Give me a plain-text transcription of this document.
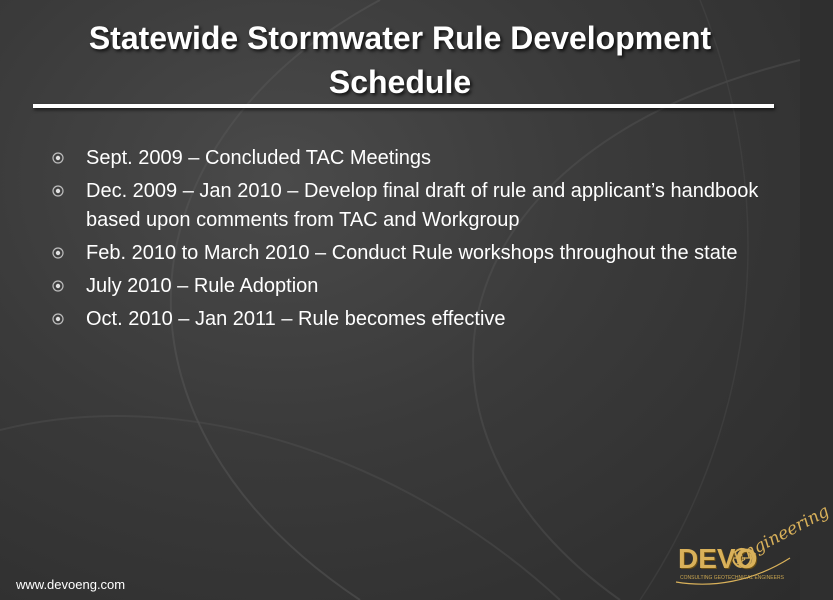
Statewide Stormwater Rule Development Schedule
Sept. 2009 – Concluded TAC Meetings
Dec. 2009 – Jan 2010 – Develop final draft of rule and applicant’s handbook based upon comments from TAC and Workgroup
Feb. 2010 to March 2010 – Conduct Rule workshops throughout the state
July 2010 – Rule Adoption
Oct. 2010 – Jan 2011 – Rule becomes effective
www.devoeng.com
DEVO
CONSULTING GEOTECHNICAL ENGINEERS
Engineering
